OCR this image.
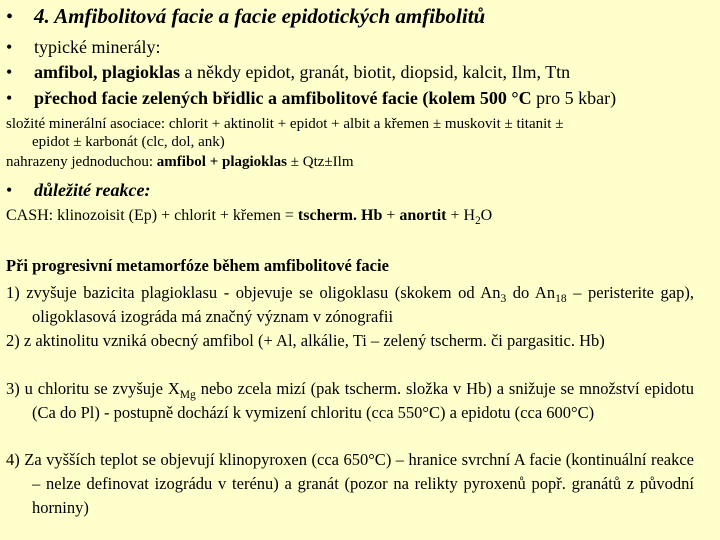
• 4. Amfibolitová facie a facie epidotických amfibolitů
• typické minerály:
• amfibol, plagioklas a někdy epidot, granát, biotit, diopsid, kalcit, Ilm, Ttn
• přechod facie zelených břidlic a amfibolitové facie (kolem 500 °C pro 5 kbar)
složité minerální asociace: chlorit + aktinolit + epidot + albit a křemen ± muskovit ± titanit ±
epidot ± karbonát (clc, dol, ank)
nahrazeny jednoduchou: amfibol + plagioklas ± Qtz±Ilm
• důležité reakce:
CASH: klinozoisit (Ep) + chlorit + křemen = tscherm. Hb + anortit + $H_2O$
Při progresivní metamorfóze během amfibolitové facie
1) zvyšuje bazicita plagioklasu - objevuje se oligoklasu (skokem od $An_3$ do $An_{18}$ – peristerite gap), oligoklasová izográda má značný význam v zónografii
2) z aktinolitu vzniká obecný amfibol (+ Al, alkálie, Ti – zelený tscherm. či pargasitic. Hb)
3) u chloritu se zvyšuje $X_{Mg}$ nebo zcela mizí (pak tscherm. složka v Hb) a snižuje se množství epidotu (Ca do Pl) - postupně dochází k vymizení chloritu (cca 550°C) a epidotu (cca 600°C)
4) Za vyšších teplot se objevují klinopyroxen (cca 650°C) – hranice svrchní A facie (kontinuální reakce – nelze definovat izográdu v terénu) a granát (pozor na relikty pyroxenů popř. granátů z původní horniny)
